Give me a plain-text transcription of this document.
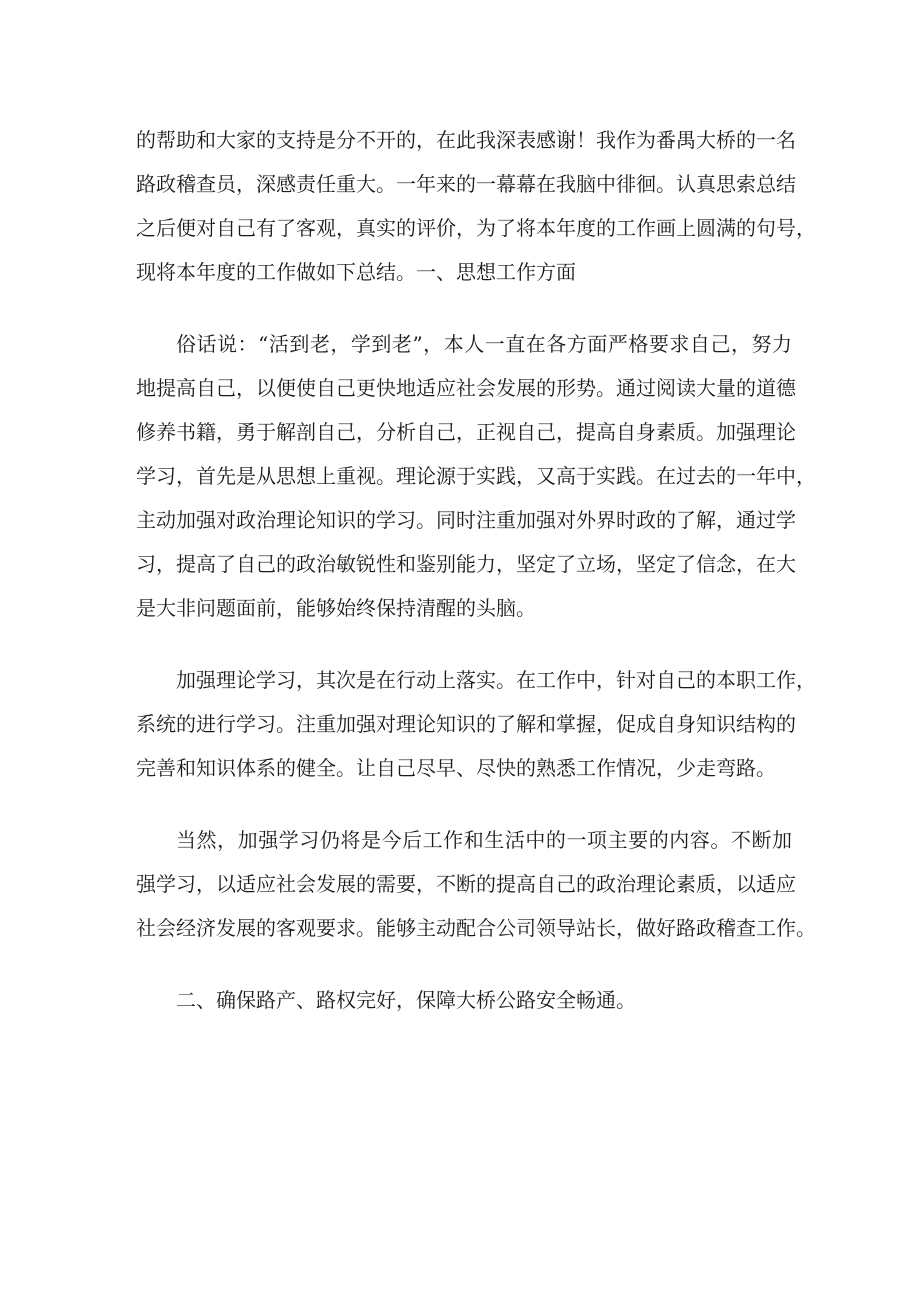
的帮助和大家的支持是分不开的，在此我深表感谢！我作为番禺大桥的一名
路政稽查员，深感责任重大。一年来的一幕幕在我脑中徘徊。认真思索总结
之后便对自己有了客观，真实的评价，为了将本年度的工作画上圆满的句号，
现将本年度的工作做如下总结。一、思想工作方面

俗话说：“活到老，学到老”，本人一直在各方面严格要求自己，努力
地提高自己，以便使自己更快地适应社会发展的形势。通过阅读大量的道德
修养书籍，勇于解剖自己，分析自己，正视自己，提高自身素质。加强理论
学习，首先是从思想上重视。理论源于实践，又高于实践。在过去的一年中，
主动加强对政治理论知识的学习。同时注重加强对外界时政的了解，通过学
习，提高了自己的政治敏锐性和鉴别能力，坚定了立场，坚定了信念，在大
是大非问题面前，能够始终保持清醒的头脑。

加强理论学习，其次是在行动上落实。在工作中，针对自己的本职工作，
系统的进行学习。注重加强对理论知识的了解和掌握，促成自身知识结构的
完善和知识体系的健全。让自己尽早、尽快的熟悉工作情况，少走弯路。

当然，加强学习仍将是今后工作和生活中的一项主要的内容。不断加
强学习，以适应社会发展的需要，不断的提高自己的政治理论素质，以适应
社会经济发展的客观要求。能够主动配合公司领导站长，做好路政稽查工作。

二、确保路产、路权完好，保障大桥公路安全畅通。
